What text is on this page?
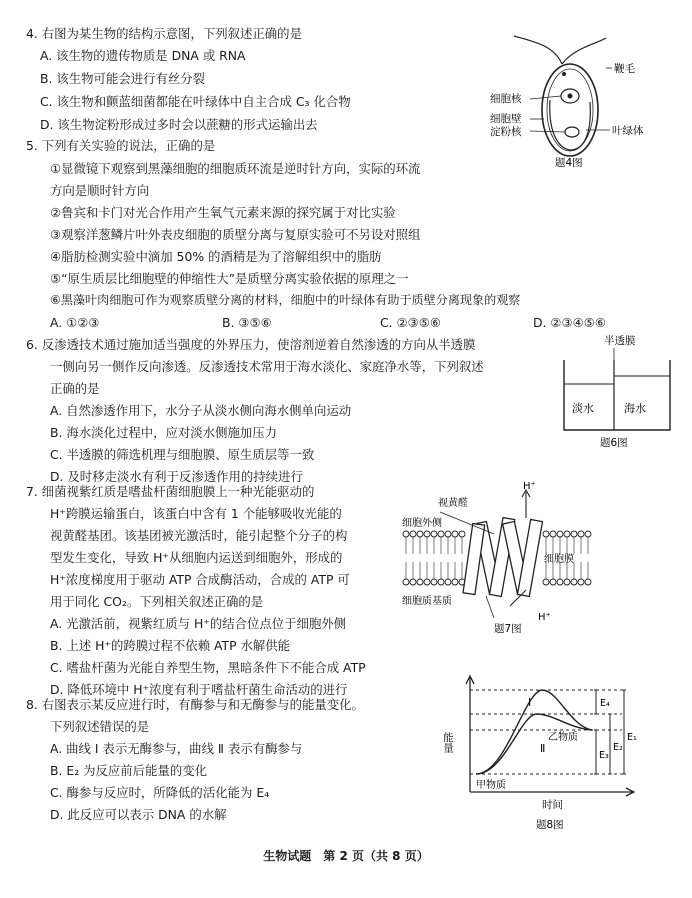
4. 右图为某生物的结构示意图，下列叙述正确的是
A. 该生物的遗传物质是 DNA 或 RNA
B. 该生物可能会进行有丝分裂
C. 该生物和颤蓝细菌都能在叶绿体中自主合成 C₃ 化合物
D. 该生物淀粉形成过多时会以蔗糖的形式运输出去
鞭毛
细胞核
细胞壁
淀粉核	叶绿体
题4图
5. 下列有关实验的说法，正确的是
①显微镜下观察到黑藻细胞的细胞质环流是逆时针方向，实际的环流
方向是顺时针方向
②鲁宾和卡门对光合作用产生氧气元素来源的探究属于对比实验
③观察洋葱鳞片叶外表皮细胞的质壁分离与复原实验可不另设对照组
④脂肪检测实验中滴加 50% 的酒精是为了溶解组织中的脂肪
⑤“原生质层比细胞壁的伸缩性大”是质壁分离实验依据的原理之一
⑥黑藻叶肉细胞可作为观察质壁分离的材料，细胞中的叶绿体有助于质壁分离现象的观察
A. ①②③	B. ③⑤⑥	C. ②③⑤⑥	D. ②③④⑤⑥
6. 反渗透技术通过施加适当强度的外界压力，使溶剂逆着自然渗透的方向从半透膜
一侧向另一侧作反向渗透。反渗透技术常用于海水淡化、家庭净水等，下列叙述
正确的是
A. 自然渗透作用下，水分子从淡水侧向海水侧单向运动
B. 海水淡化过程中，应对淡水侧施加压力
C. 半透膜的筛选机理与细胞膜、原生质层等一致
D. 及时移走淡水有利于反渗透作用的持续进行
半透膜
淡水	海水
题6图
7. 细菌视紫红质是嗜盐杆菌细胞膜上一种光能驱动的
H⁺跨膜运输蛋白，该蛋白中含有 1 个能够吸收光能的
视黄醛基团。该基团被光激活时，能引起整个分子的构
型发生变化，导致 H⁺从细胞内运送到细胞外，形成的
H⁺浓度梯度用于驱动 ATP 合成酶活动，合成的 ATP 可
用于同化 CO₂。下列相关叙述正确的是
A. 光激活前，视紫红质与 H⁺的结合位点位于细胞外侧
B. 上述 H⁺的跨膜过程不依赖 ATP 水解供能
C. 嗜盐杆菌为光能自养型生物，黑暗条件下不能合成 ATP
D. 降低环境中 H⁺浓度有利于嗜盐杆菌生命活动的进行
H⁺
视黄醛
细胞外侧
细胞膜
细胞质基质
H⁺
题7图
8. 右图表示某反应进行时，有酶参与和无酶参与的能量变化。
下列叙述错误的是
A. 曲线 Ⅰ 表示无酶参与，曲线 Ⅱ 表示有酶参与
B. E₂ 为反应前后能量的变化
C. 酶参与反应时，所降低的活化能为 E₄
D. 此反应可以表示 DNA 的水解
Ⅰ
Ⅱ
乙物质
甲物质
E₄
E₃
E₂
E₁
能量
时间
题8图
生物试题　第 2 页（共 8 页）
